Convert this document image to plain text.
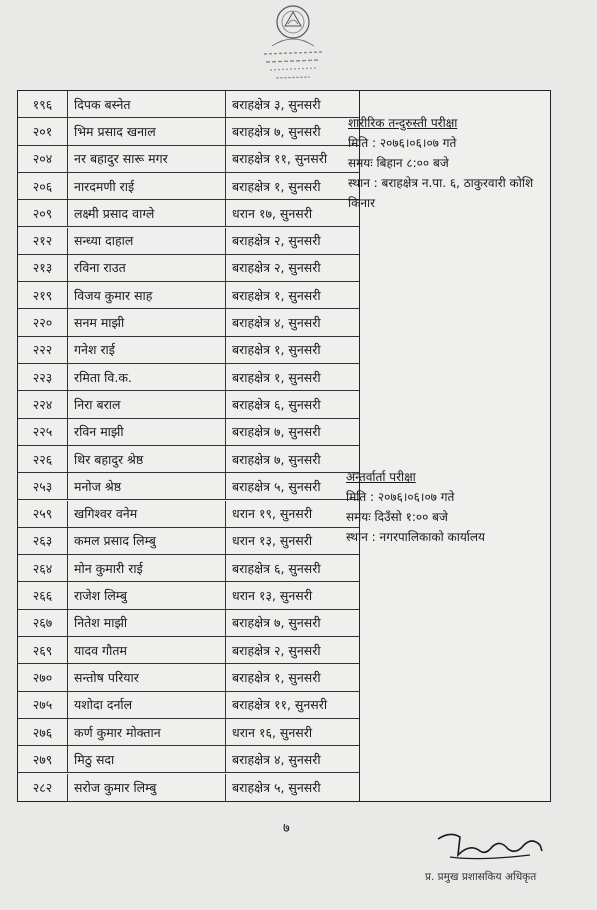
१९६	दिपक बस्नेत	बराहक्षेत्र ३, सुनसरी
२०१	भिम प्रसाद खनाल	बराहक्षेत्र ७, सुनसरी
२०४	नर बहादुर सारू मगर	बराहक्षेत्र ११, सुनसरी
२०६	नारदमणी राई	बराहक्षेत्र १, सुनसरी
२०९	लक्ष्मी प्रसाद वाग्ले	धरान १७, सुनसरी
२१२	सन्ध्या दाहाल	बराहक्षेत्र २, सुनसरी
२१३	रविना राउत	बराहक्षेत्र २, सुनसरी
२१९	विजय कुमार साह	बराहक्षेत्र १, सुनसरी
२२०	सनम माझी	बराहक्षेत्र ४, सुनसरी
२२२	गनेश राई	बराहक्षेत्र १, सुनसरी
२२३	रमिता वि.क.	बराहक्षेत्र १, सुनसरी
२२४	निरा बराल	बराहक्षेत्र ६, सुनसरी
२२५	रविन माझी	बराहक्षेत्र ७, सुनसरी
२२६	थिर बहादुर श्रेष्ठ	बराहक्षेत्र ७, सुनसरी
२५३	मनोज श्रेष्ठ	बराहक्षेत्र ५, सुनसरी
२५९	खगिश्वर वनेम	धरान १९, सुनसरी
२६३	कमल प्रसाद लिम्बु	धरान १३, सुनसरी
२६४	मोन कुमारी राई	बराहक्षेत्र ६, सुनसरी
२६६	राजेश लिम्बु	धरान १३, सुनसरी
२६७	नितेश माझी	बराहक्षेत्र ७, सुनसरी
२६९	यादव गौतम	बराहक्षेत्र २, सुनसरी
२७०	सन्तोष परियार	बराहक्षेत्र १, सुनसरी
२७५	यशोदा दर्नाल	बराहक्षेत्र ११, सुनसरी
२७६	कर्ण कुमार मोक्तान	धरान १६, सुनसरी
२७९	मिठु सदा	बराहक्षेत्र ४, सुनसरी
२८२	सरोज कुमार लिम्बु	बराहक्षेत्र ५, सुनसरी
शारीरिक तन्दुरुस्ती परीक्षा
मिति : २०७६।०६।०७ गते
समयः बिहान ८:०० बजे
स्थान : बराहक्षेत्र न.पा. ६, ठाकुरवारी कोशि किनार
अन्तर्वार्ता परीक्षा
मिति : २०७६।०६।०७ गते
समयः दिउँसो १:०० बजे
स्थान : नगरपालिकाको कार्यालय
७
प्र. प्रमुख प्रशासकिय अधिकृत
